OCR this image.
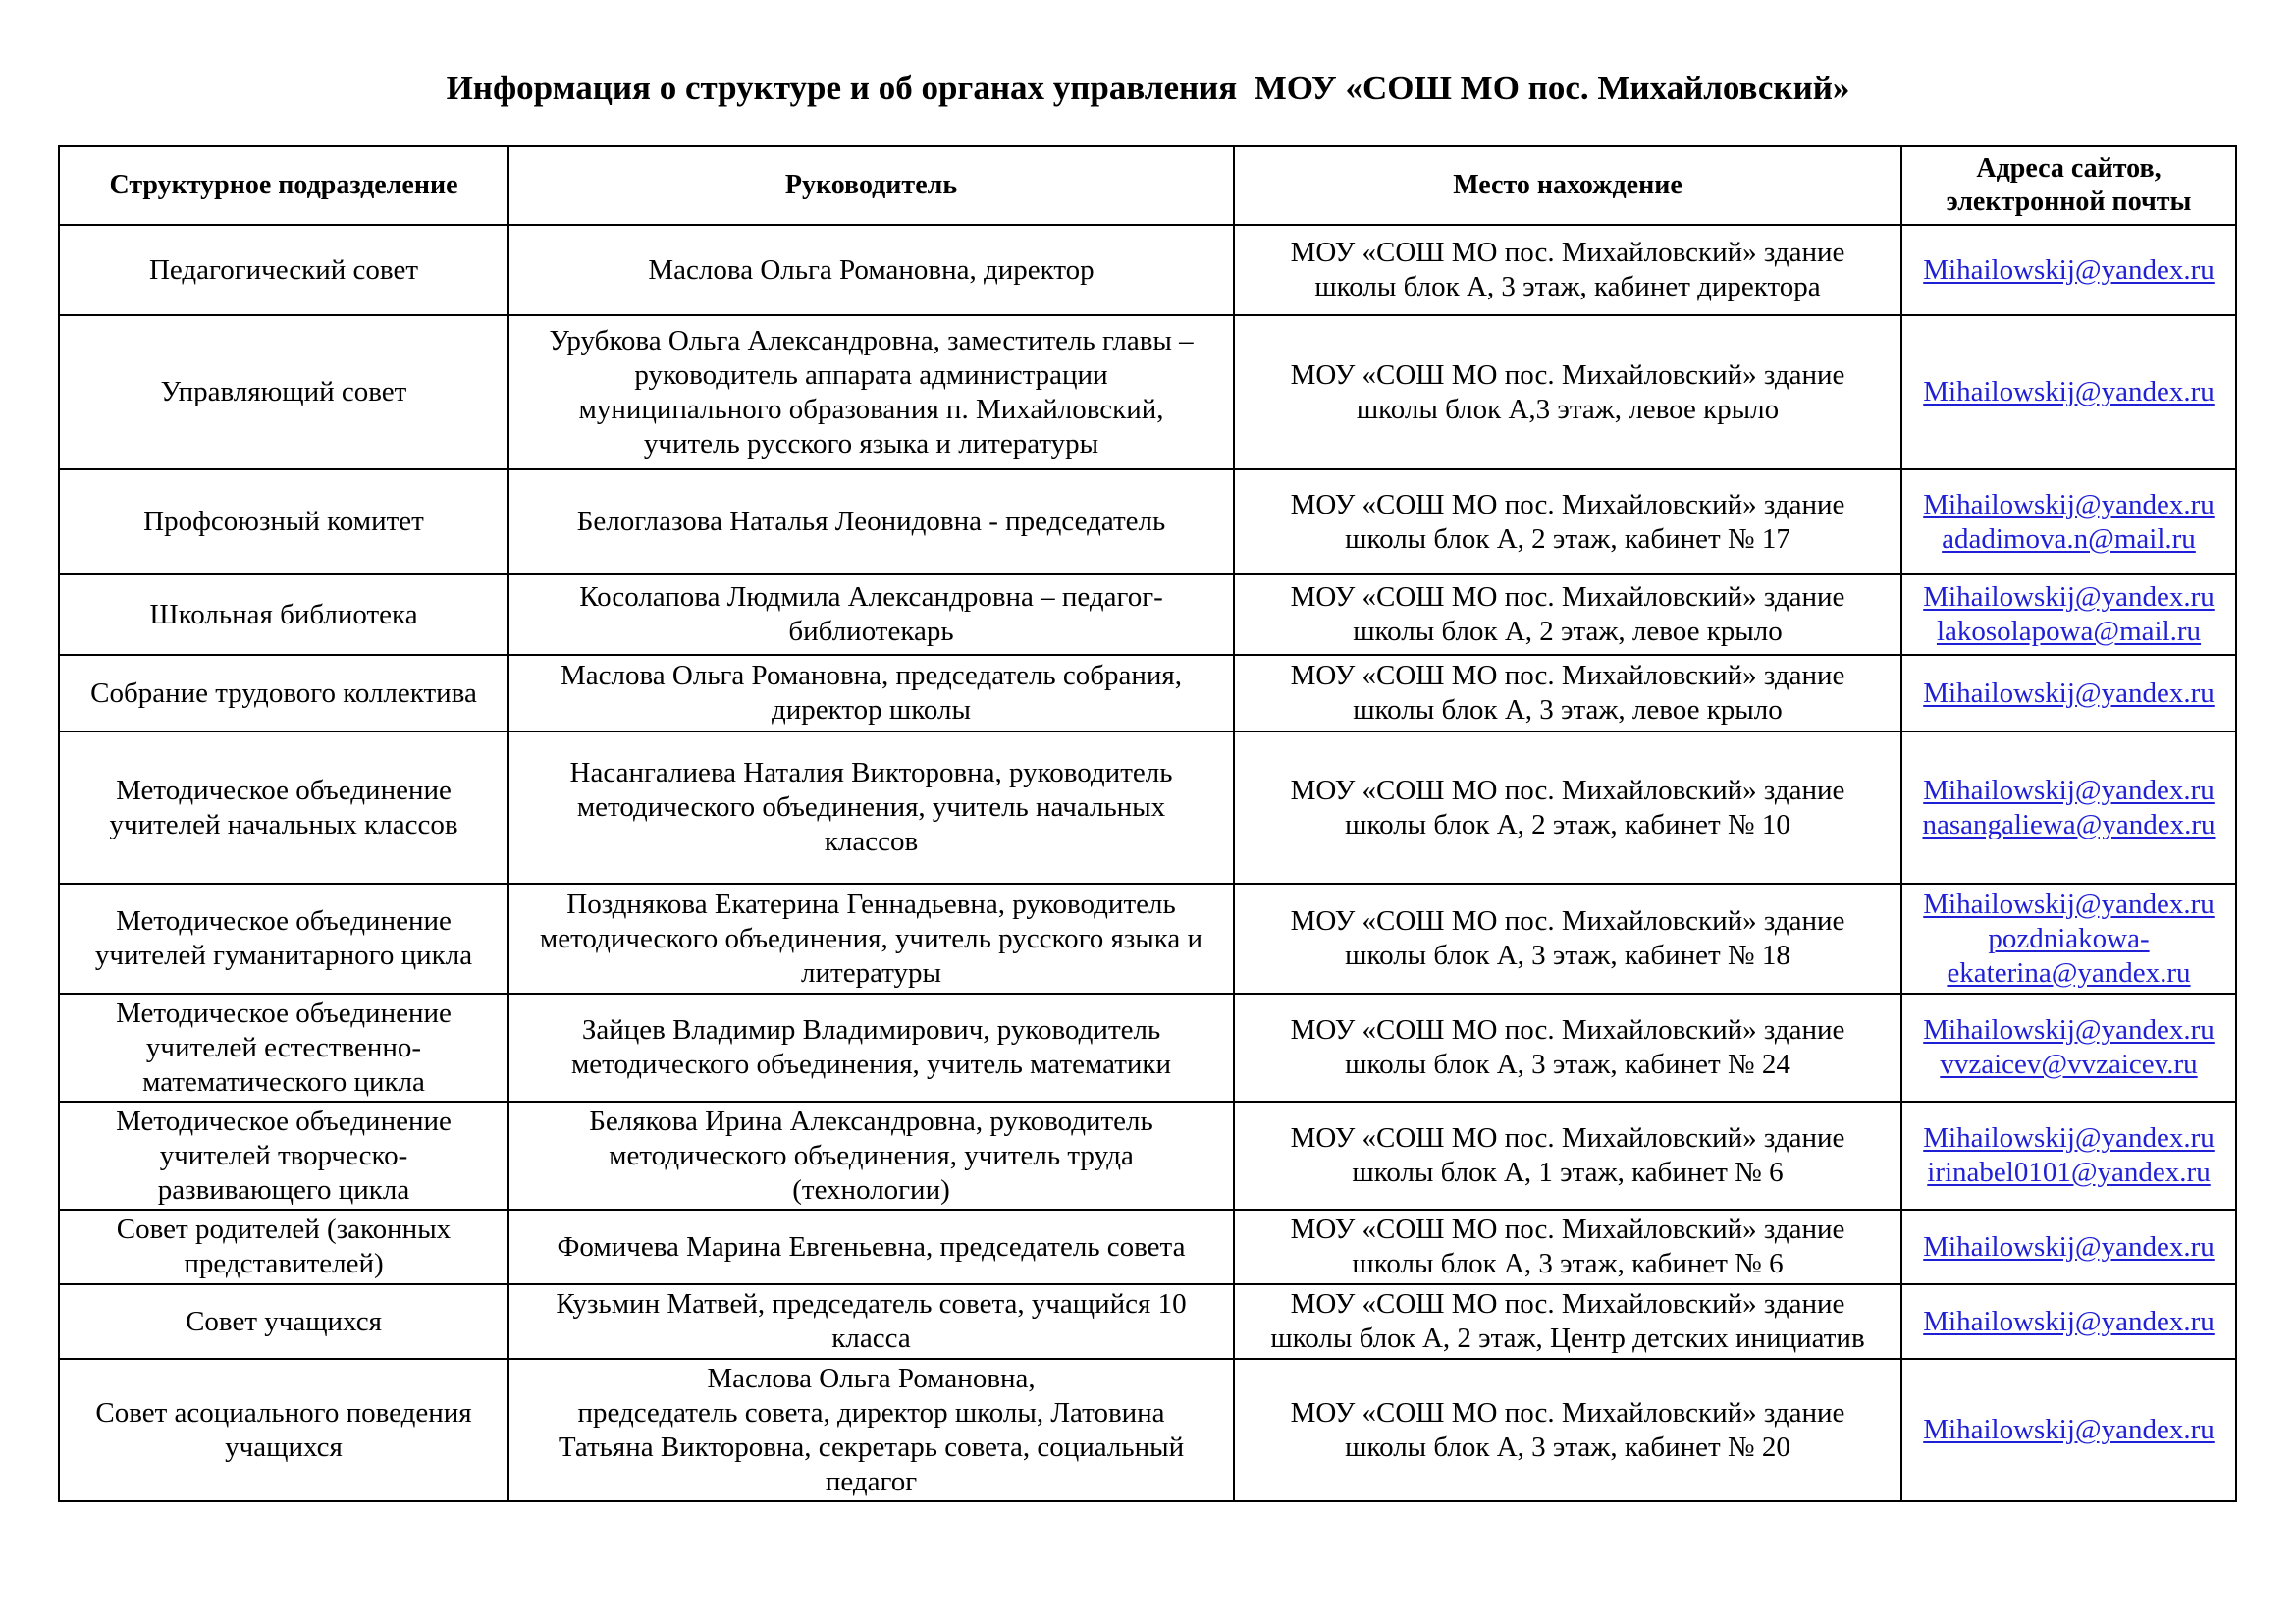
Информация о структуре и об органах управления  МОУ «СОШ МО пос. Михайловский»
Структурное подразделение	Руководитель	Место нахождение	Адреса сайтов,
электронной почты
Педагогический совет	Маслова Ольга Романовна, директор	МОУ «СОШ МО пос. Михайловский» здание
школы блок А, 3 этаж, кабинет директора	Mihailowskij@yandex.ru

Управляющий совет	Урубкова Ольга Александровна, заместитель главы –
руководитель аппарата администрации
муниципального образования п. Михайловский,
учитель русского языка и литературы	МОУ «СОШ МО пос. Михайловский» здание
школы блок А,3 этаж, левое крыло	Mihailowskij@yandex.ru

Профсоюзный комитет	Белоглазова Наталья Леонидовна - председатель	МОУ «СОШ МО пос. Михайловский» здание
школы блок А, 2 этаж, кабинет № 17	Mihailowskij@yandex.ru
adadimova.n@mail.ru

Школьная библиотека	Косолапова Людмила Александровна – педагог-
библиотекарь	МОУ «СОШ МО пос. Михайловский» здание
школы блок А, 2 этаж, левое крыло	Mihailowskij@yandex.ru
lakosolapowa@mail.ru

Собрание трудового коллектива	Маслова Ольга Романовна, председатель собрания,
директор школы	МОУ «СОШ МО пос. Михайловский» здание
школы блок А, 3 этаж, левое крыло	Mihailowskij@yandex.ru

Методическое объединение
учителей начальных классов	Насангалиева Наталия Викторовна, руководитель
методического объединения, учитель начальных
классов	МОУ «СОШ МО пос. Михайловский» здание
школы блок А, 2 этаж, кабинет № 10	Mihailowskij@yandex.ru
nasangaliewa@yandex.ru

Методическое объединение
учителей гуманитарного цикла	Позднякова Екатерина Геннадьевна, руководитель
методического объединения, учитель русского языка и
литературы	МОУ «СОШ МО пос. Михайловский» здание
школы блок А, 3 этаж, кабинет № 18	Mihailowskij@yandex.ru
pozdniakowa-
ekaterina@yandex.ru

Методическое объединение
учителей естественно-
математического цикла	Зайцев Владимир Владимирович, руководитель
методического объединения, учитель математики	МОУ «СОШ МО пос. Михайловский» здание
школы блок А, 3 этаж, кабинет № 24	Mihailowskij@yandex.ru
vvzaicev@vvzaicev.ru

Методическое объединение
учителей творческо-
развивающего цикла	Белякова Ирина Александровна, руководитель
методического объединения, учитель труда
(технологии)	МОУ «СОШ МО пос. Михайловский» здание
школы блок А, 1 этаж, кабинет № 6	Mihailowskij@yandex.ru
irinabel0101@yandex.ru

Совет родителей (законных
представителей)	Фомичева Марина Евгеньевна, председатель совета	МОУ «СОШ МО пос. Михайловский» здание
школы блок А, 3 этаж, кабинет № 6	Mihailowskij@yandex.ru

Совет учащихся	Кузьмин Матвей, председатель совета, учащийся 10
класса	МОУ «СОШ МО пос. Михайловский» здание
школы блок А, 2 этаж, Центр детских инициатив	Mihailowskij@yandex.ru

Совет асоциального поведения
учащихся	Маслова Ольга Романовна,
председатель совета, директор школы, Латовина
Татьяна Викторовна, секретарь совета, социальный
педагог	МОУ «СОШ МО пос. Михайловский» здание
школы блок А, 3 этаж, кабинет № 20	Mihailowskij@yandex.ru
